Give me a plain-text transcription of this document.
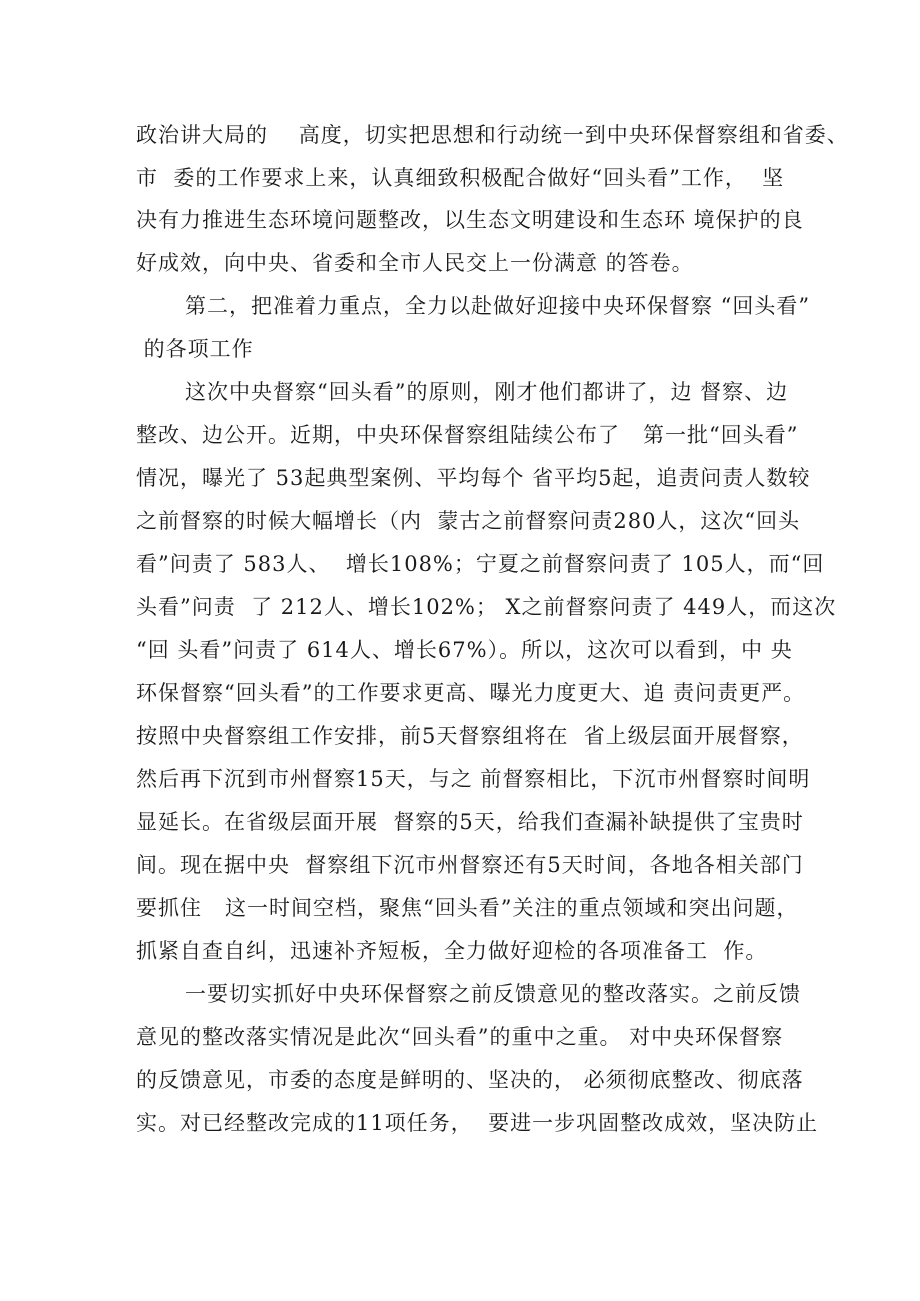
政治讲大局的    高度，切实把思想和行动统一到中央环保督察组和省委、

市  委的工作要求上来，认真细致积极配合做好“回头看”工作，  坚

决有力推进生态环境问题整改，以生态文明建设和生态环 境保护的良

好成效，向中央、省委和全市人民交上一份满意 的答卷。

第二，把准着力重点，全力以赴做好迎接中央环保督察 “回头看”

的各项工作

这次中央督察“回头看”的原则，刚才他们都讲了，边 督察、边

整改、边公开。近期，中央环保督察组陆续公布了   第一批“回头看”

情况，曝光了 53起典型案例、平均每个 省平均5起，追责问责人数较

之前督察的时候大幅增长（内  蒙古之前督察问责280人，这次“回头

看”问责了 583人、  增长108%；宁夏之前督察问责了 105人，而“回

头看”问责  了 212人、增长102%； X之前督察问责了 449人，而这次

“回 头看”问责了 614人、增长67%）。所以，这次可以看到，中 央

环保督察“回头看”的工作要求更高、曝光力度更大、追 责问责更严。

按照中央督察组工作安排，前5天督察组将在  省上级层面开展督察，

然后再下沉到市州督察15天，与之 前督察相比，下沉市州督察时间明

显延长。在省级层面开展  督察的5天，给我们查漏补缺提供了宝贵时

间。现在据中央  督察组下沉市州督察还有5天时间，各地各相关部门

要抓住   这一时间空档，聚焦“回头看”关注的重点领域和突出问题，

抓紧自查自纠，迅速补齐短板，全力做好迎检的各项准备工  作。

一要切实抓好中央环保督察之前反馈意见的整改落实。之前反馈

意见的整改落实情况是此次“回头看”的重中之重。 对中央环保督察

的反馈意见，市委的态度是鲜明的、坚决的， 必须彻底整改、彻底落

实。对已经整改完成的11项任务，  要进一步巩固整改成效，坚决防止
